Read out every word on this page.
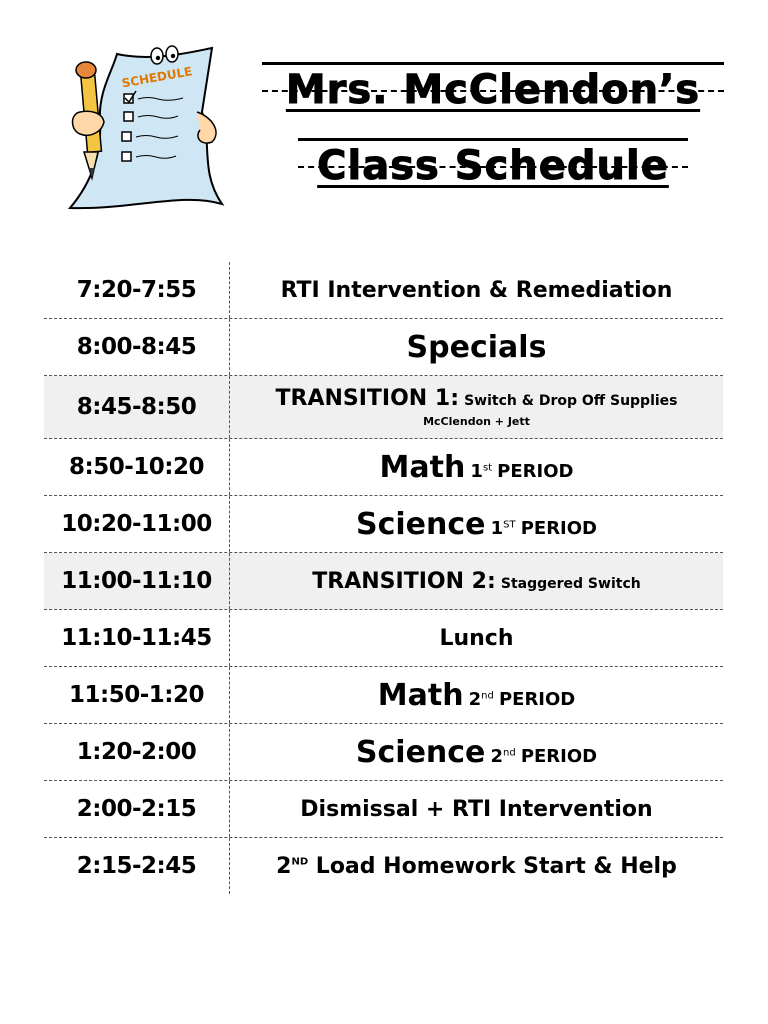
SCHEDULE	Mrs. McClendon’s
Class Schedule
7:20-7:55	RTI Intervention & Remediation
8:00-8:45	Specials
8:45-8:50	TRANSITION 1: Switch & Drop Off Supplies
McClendon + Jett
8:50-10:20	Math 1st PERIOD
10:20-11:00	Science 1ST PERIOD
11:00-11:10	TRANSITION 2: Staggered Switch
11:10-11:45	Lunch
11:50-1:20	Math 2nd PERIOD
1:20-2:00	Science 2nd PERIOD
2:00-2:15	Dismissal + RTI Intervention
2:15-2:45	2ND Load Homework Start & Help
